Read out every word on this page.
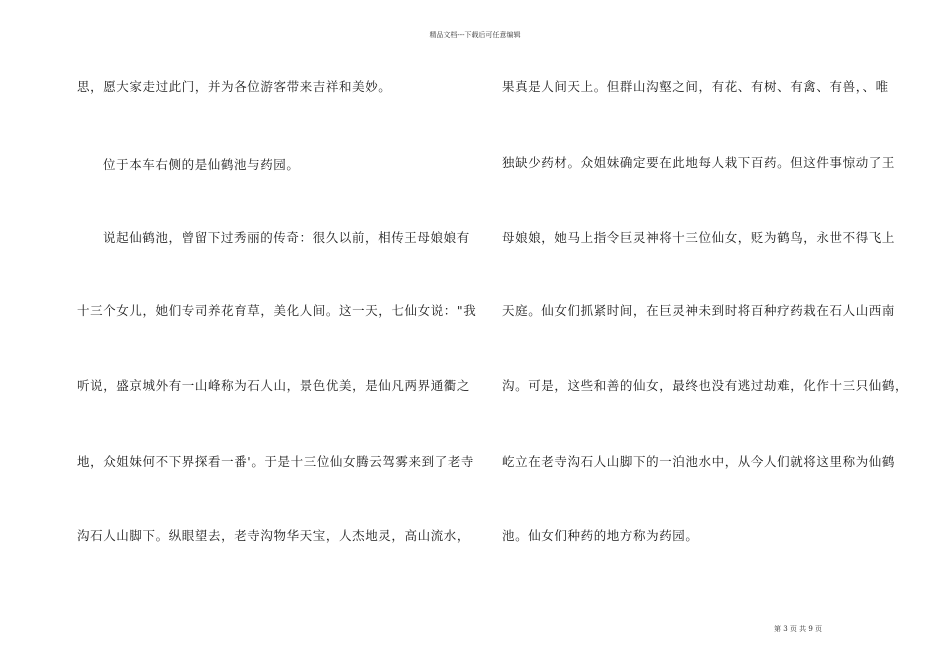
精品文档---下载后可任意编辑
思，愿大家走过此门，并为各位游客带来吉祥和美妙。
位于本车右侧的是仙鹤池与药园。
说起仙鹤池，曾留下过秀丽的传奇：很久以前，相传王母娘娘有
十三个女儿，她们专司养花育草，美化人间。这一天，七仙女说："我
听说，盛京城外有一山峰称为石人山，景色优美，是仙凡两界通衢之
地，众姐妹何不下界探看一番'。于是十三位仙女腾云驾雾来到了老寺
沟石人山脚下。纵眼望去，老寺沟物华天宝，人杰地灵，高山流水，
果真是人间天上。但群山沟壑之间，有花、有树、有禽、有兽，、唯
独缺少药材。众姐妹确定要在此地每人栽下百药。但这件事惊动了王
母娘娘，她马上指令巨灵神将十三位仙女，贬为鹤鸟，永世不得飞上
天庭。仙女们抓紧时间，在巨灵神未到时将百种疗药栽在石人山西南
沟。可是，这些和善的仙女，最终也没有逃过劫难，化作十三只仙鹤，
屹立在老寺沟石人山脚下的一泊池水中，从今人们就将这里称为仙鹤
池。仙女们种药的地方称为药园。
第 3 页 共 9 页
